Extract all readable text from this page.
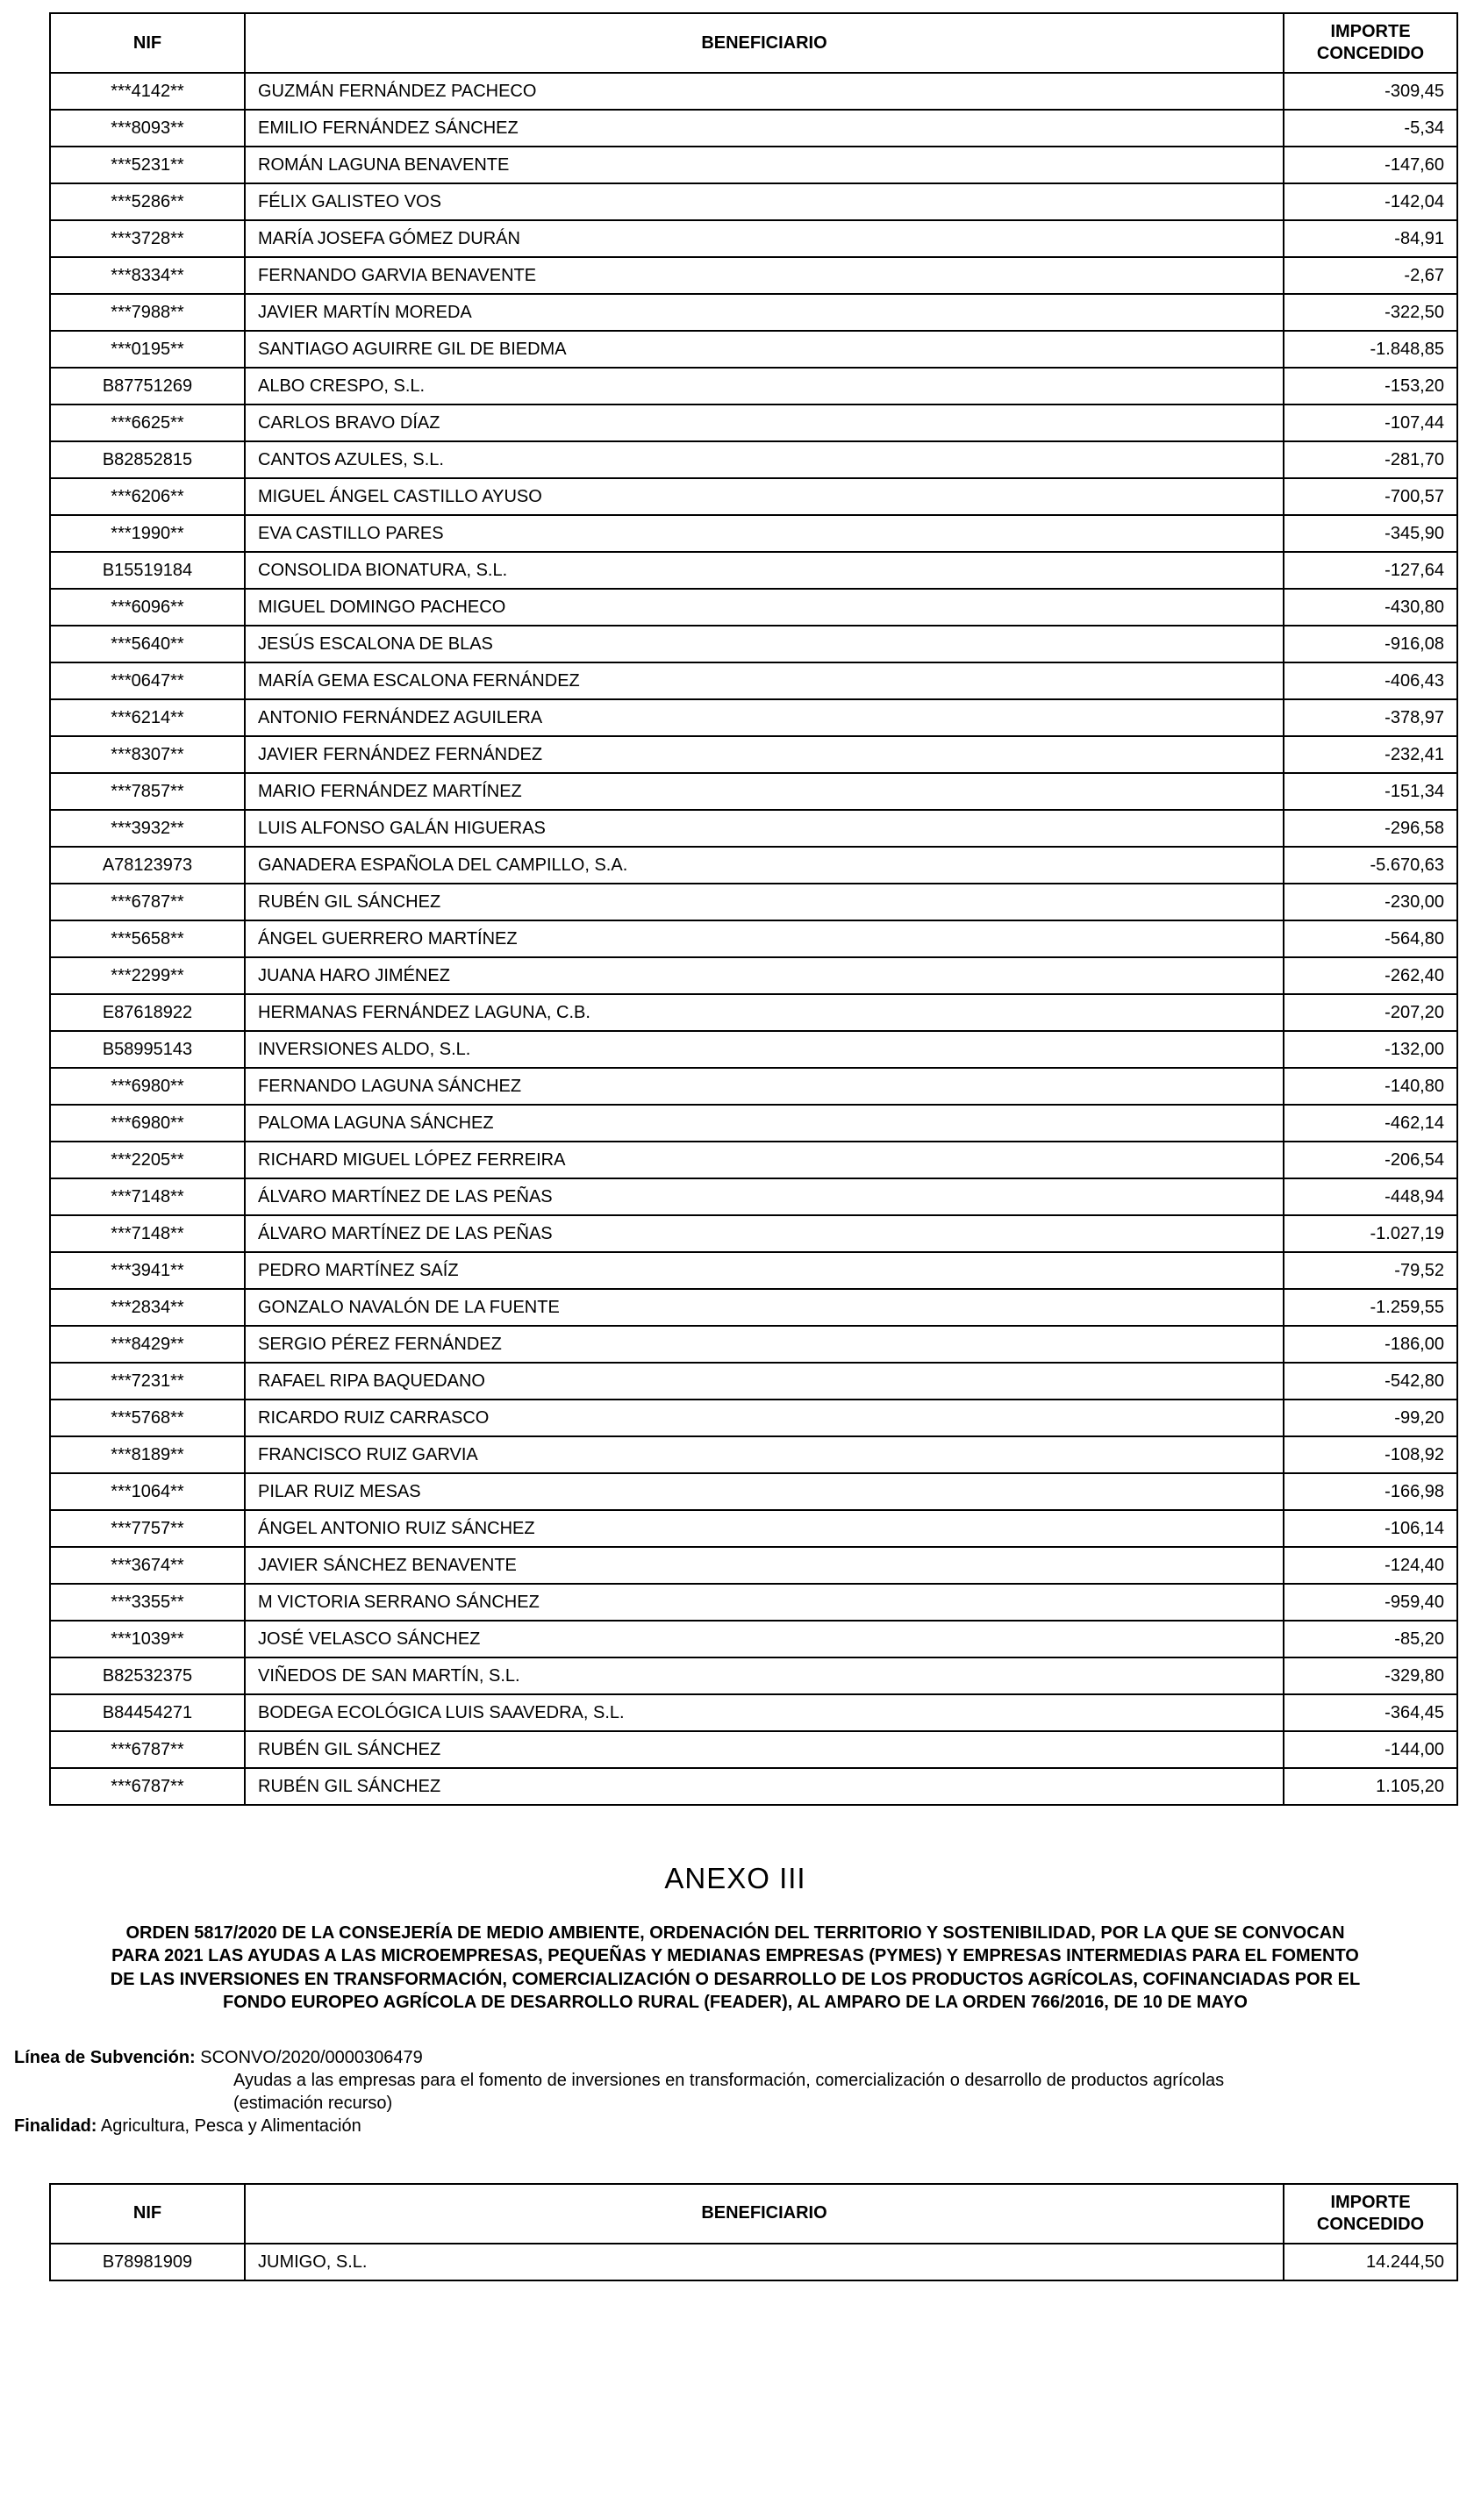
NIF	BENEFICIARIO	IMPORTE CONCEDIDO
***4142**	GUZMÁN FERNÁNDEZ PACHECO	-309,45
***8093**	EMILIO FERNÁNDEZ SÁNCHEZ	-5,34
***5231**	ROMÁN LAGUNA BENAVENTE	-147,60
***5286**	FÉLIX GALISTEO VOS	-142,04
***3728**	MARÍA JOSEFA GÓMEZ DURÁN	-84,91
***8334**	FERNANDO GARVIA BENAVENTE	-2,67
***7988**	JAVIER MARTÍN MOREDA	-322,50
***0195**	SANTIAGO AGUIRRE GIL DE BIEDMA	-1.848,85
B87751269	ALBO CRESPO, S.L.	-153,20
***6625**	CARLOS BRAVO DÍAZ	-107,44
B82852815	CANTOS AZULES, S.L.	-281,70
***6206**	MIGUEL ÁNGEL CASTILLO AYUSO	-700,57
***1990**	EVA CASTILLO PARES	-345,90
B15519184	CONSOLIDA BIONATURA, S.L.	-127,64
***6096**	MIGUEL DOMINGO PACHECO	-430,80
***5640**	JESÚS ESCALONA DE BLAS	-916,08
***0647**	MARÍA GEMA ESCALONA FERNÁNDEZ	-406,43
***6214**	ANTONIO FERNÁNDEZ AGUILERA	-378,97
***8307**	JAVIER FERNÁNDEZ FERNÁNDEZ	-232,41
***7857**	MARIO FERNÁNDEZ MARTÍNEZ	-151,34
***3932**	LUIS ALFONSO GALÁN HIGUERAS	-296,58
A78123973	GANADERA ESPAÑOLA DEL CAMPILLO, S.A.	-5.670,63
***6787**	RUBÉN GIL SÁNCHEZ	-230,00
***5658**	ÁNGEL GUERRERO MARTÍNEZ	-564,80
***2299**	JUANA HARO JIMÉNEZ	-262,40
E87618922	HERMANAS FERNÁNDEZ LAGUNA, C.B.	-207,20
B58995143	INVERSIONES ALDO, S.L.	-132,00
***6980**	FERNANDO LAGUNA SÁNCHEZ	-140,80
***6980**	PALOMA LAGUNA SÁNCHEZ	-462,14
***2205**	RICHARD MIGUEL LÓPEZ FERREIRA	-206,54
***7148**	ÁLVARO MARTÍNEZ DE LAS PEÑAS	-448,94
***7148**	ÁLVARO MARTÍNEZ DE LAS PEÑAS	-1.027,19
***3941**	PEDRO MARTÍNEZ SAÍZ	-79,52
***2834**	GONZALO NAVALÓN DE LA FUENTE	-1.259,55
***8429**	SERGIO PÉREZ FERNÁNDEZ	-186,00
***7231**	RAFAEL RIPA BAQUEDANO	-542,80
***5768**	RICARDO RUIZ CARRASCO	-99,20
***8189**	FRANCISCO RUIZ GARVIA	-108,92
***1064**	PILAR RUIZ MESAS	-166,98
***7757**	ÁNGEL ANTONIO RUIZ SÁNCHEZ	-106,14
***3674**	JAVIER SÁNCHEZ BENAVENTE	-124,40
***3355**	M VICTORIA SERRANO SÁNCHEZ	-959,40
***1039**	JOSÉ VELASCO SÁNCHEZ	-85,20
B82532375	VIÑEDOS DE SAN MARTÍN, S.L.	-329,80
B84454271	BODEGA ECOLÓGICA LUIS SAAVEDRA, S.L.	-364,45
***6787**	RUBÉN GIL SÁNCHEZ	-144,00
***6787**	RUBÉN GIL SÁNCHEZ	1.105,20
ANEXO III

ORDEN 5817/2020 DE LA CONSEJERÍA DE MEDIO AMBIENTE, ORDENACIÓN DEL TERRITORIO Y SOSTENIBILIDAD, POR LA QUE SE CONVOCAN PARA 2021 LAS AYUDAS A LAS MICROEMPRESAS, PEQUEÑAS Y MEDIANAS EMPRESAS (PYMES) Y EMPRESAS INTERMEDIAS PARA EL FOMENTO DE LAS INVERSIONES EN TRANSFORMACIÓN, COMERCIALIZACIÓN O DESARROLLO DE LOS PRODUCTOS AGRÍCOLAS, COFINANCIADAS POR EL FONDO EUROPEO AGRÍCOLA DE DESARROLLO RURAL (FEADER), AL AMPARO DE LA ORDEN 766/2016, DE 10 DE MAYO

Línea de Subvención: SCONVO/2020/0000306479
Ayudas a las empresas para el fomento de inversiones en transformación, comercialización o desarrollo de productos agrícolas
(estimación recurso)
Finalidad: Agricultura, Pesca y Alimentación
NIF	BENEFICIARIO	IMPORTE CONCEDIDO
B78981909	JUMIGO, S.L.	14.244,50
